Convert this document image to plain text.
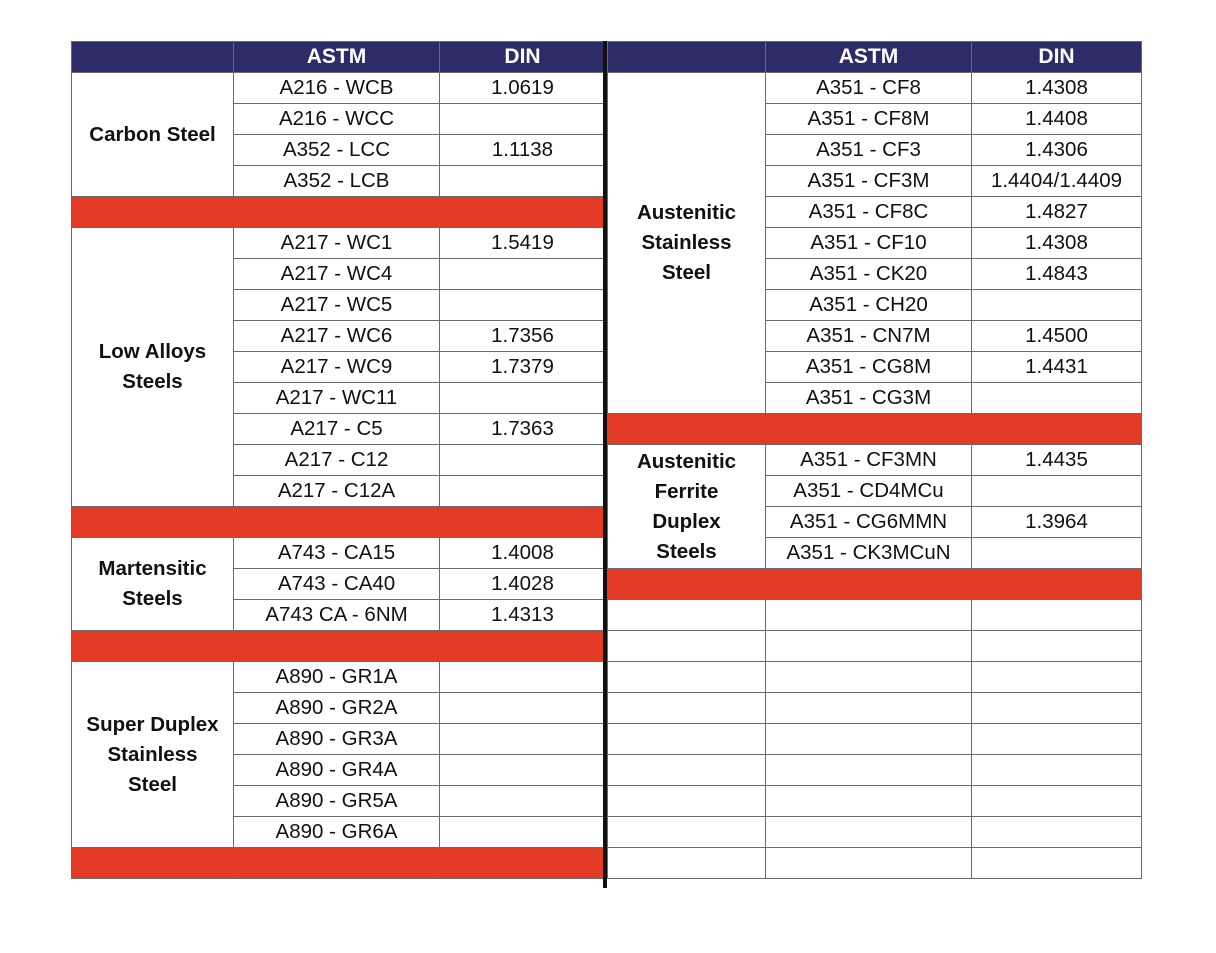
	ASTM	DIN
Carbon Steel	A216 - WCB	1.0619
	A216 - WCC	
	A352 - LCC	1.1138
	A352 - LCB	

Low Alloys Steels	A217 - WC1	1.5419
	A217 - WC4	
	A217 - WC5	
	A217 - WC6	1.7356
	A217 - WC9	1.7379
	A217 - WC11	
	A217 - C5	1.7363
	A217 - C12	
	A217 - C12A	

Martensitic Steels	A743 - CA15	1.4008
	A743 - CA40	1.4028
	A743 CA - 6NM	1.4313

Super Duplex Stainless Steel	A890 - GR1A	
	A890 - GR2A	
	A890 - GR3A	
	A890 - GR4A	
	A890 - GR5A	
	A890 - GR6A	

	ASTM	DIN
Austenitic Stainless Steel	A351 - CF8	1.4308
	A351 - CF8M	1.4408
	A351 - CF3	1.4306
	A351 - CF3M	1.4404/1.4409
	A351 - CF8C	1.4827
	A351 - CF10	1.4308
	A351 - CK20	1.4843
	A351 - CH20	
	A351 - CN7M	1.4500
	A351 - CG8M	1.4431
	A351 - CG3M	

Austenitic Ferrite Duplex Steels	A351 - CF3MN	1.4435
	A351 - CD4MCu	
	A351 - CG6MMN	1.3964
	A351 - CK3MCuN	
